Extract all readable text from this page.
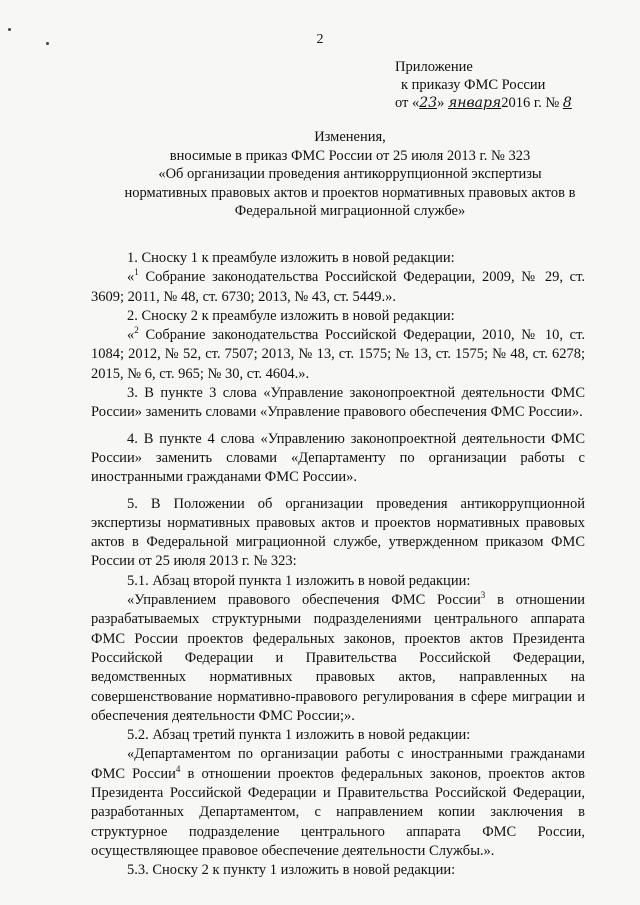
2
Приложение
к приказу ФМС России
от «23» января2016 г. № 8
Изменения,
вносимые в приказ ФМС России от 25 июля 2013 г. № 323
«Об организации проведения антикоррупционной экспертизы
нормативных правовых актов и проектов нормативных правовых актов в
Федеральной миграционной службе»

1. Сноску 1 к преамбуле изложить в новой редакции:

«$^1$ Собрание законодательства Российской Федерации, 2009, № 29, ст. 3609; 2011, № 48, ст. 6730; 2013, № 43, ст. 5449.».

2. Сноску 2 к преамбуле изложить в новой редакции:

«$^2$ Собрание законодательства Российской Федерации, 2010, № 10, ст. 1084; 2012, № 52, ст. 7507; 2013, № 13, ст. 1575; № 13, ст. 1575; № 48, ст. 6278; 2015, № 6, ст. 965; № 30, ст. 4604.».

3. В пункте 3 слова «Управление законопроектной деятельности ФМС России» заменить словами «Управление правового обеспечения ФМС России».

4. В пункте 4 слова «Управлению законопроектной деятельности ФМС России» заменить словами «Департаменту по организации работы с иностранными гражданами ФМС России».

5. В Положении об организации проведения антикоррупционной экспертизы нормативных правовых актов и проектов нормативных правовых актов в Федеральной миграционной службе, утвержденном приказом ФМС России от 25 июля 2013 г. № 323:

5.1. Абзац второй пункта 1 изложить в новой редакции:

«Управлением правового обеспечения ФМС России$^3$ в отношении разрабатываемых структурными подразделениями центрального аппарата ФМС России проектов федеральных законов, проектов актов Президента Российской Федерации и Правительства Российской Федерации, ведомственных нормативных правовых актов, направленных на совершенствование нормативно-правового регулирования в сфере миграции и обеспечения деятельности ФМС России;».

5.2. Абзац третий пункта 1 изложить в новой редакции:

«Департаментом по организации работы с иностранными гражданами ФМС России$^4$ в отношении проектов федеральных законов, проектов актов Президента Российской Федерации и Правительства Российской Федерации, разработанных Департаментом, с направлением копии заключения в структурное подразделение центрального аппарата ФМС России, осуществляющее правовое обеспечение деятельности Службы.».

5.3. Сноску 2 к пункту 1 изложить в новой редакции:
